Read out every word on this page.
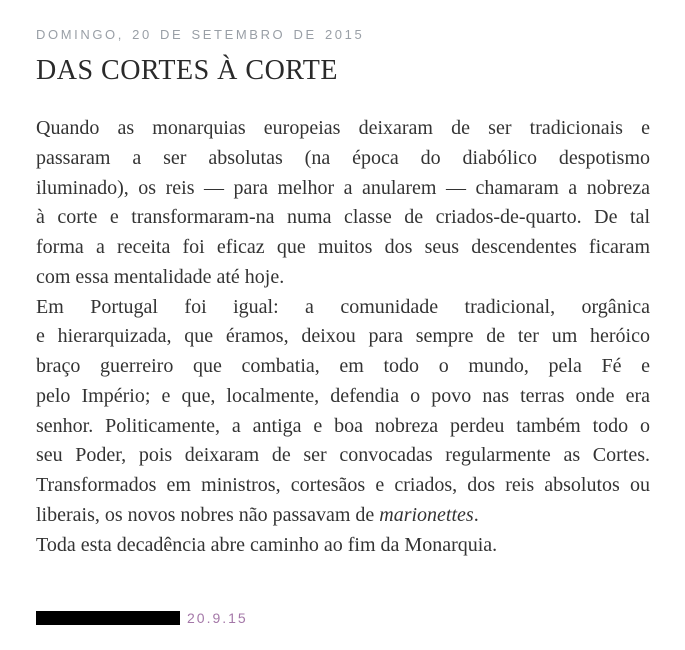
DOMINGO, 20 DE SETEMBRO DE 2015
DAS CORTES À CORTE
Quando as monarquias europeias deixaram de ser tradicionais e
passaram a ser absolutas (na época do diabólico despotismo
iluminado), os reis — para melhor a anularem — chamaram a nobreza
à corte e transformaram-na numa classe de criados-de-quarto. De tal
forma a receita foi eficaz que muitos dos seus descendentes ficaram
com essa mentalidade até hoje.
Em Portugal foi igual: a comunidade tradicional, orgânica
e hierarquizada, que éramos, deixou para sempre de ter um heróico
braço guerreiro que combatia, em todo o mundo, pela Fé e
pelo Império; e que, localmente, defendia o povo nas terras onde era
senhor. Politicamente, a antiga e boa nobreza perdeu também todo o
seu Poder, pois deixaram de ser convocadas regularmente as Cortes.
Transformados em ministros, cortesãos e criados, dos reis absolutos ou
liberais, os novos nobres não passavam de marionettes.
Toda esta decadência abre caminho ao fim da Monarquia.
20.9.15
